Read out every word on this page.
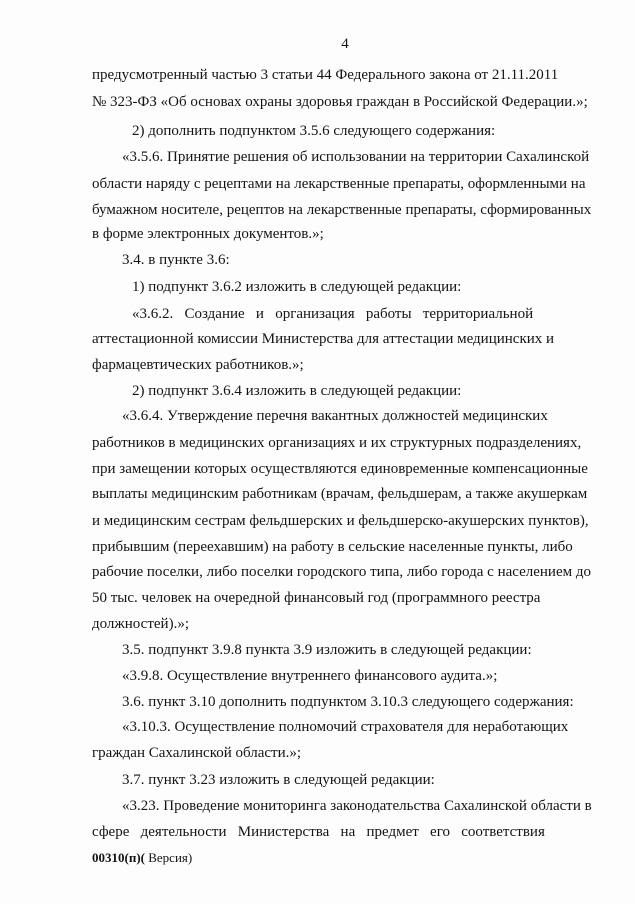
4
предусмотренный частью 3 статьи 44 Федерального закона от 21.11.2011
№ 323-ФЗ «Об основах охраны здоровья граждан в Российской Федерации.»;
2) дополнить подпунктом 3.5.6 следующего содержания:
«3.5.6. Принятие решения об использовании на территории Сахалинской
области наряду с рецептами на лекарственные препараты, оформленными на
бумажном носителе, рецептов на лекарственные препараты, сформированных
в форме электронных документов.»;
3.4. в пункте 3.6:
1) подпункт 3.6.2 изложить в следующей редакции:
«3.6.2.   Создание   и   организация   работы   территориальной
аттестационной комиссии Министерства для аттестации медицинских и
фармацевтических работников.»;
2) подпункт 3.6.4 изложить в следующей редакции:
«3.6.4. Утверждение перечня вакантных должностей медицинских
работников в медицинских организациях и их структурных подразделениях,
при замещении которых осуществляются единовременные компенсационные
выплаты медицинским работникам (врачам, фельдшерам, а также акушеркам
и медицинским сестрам фельдшерских и фельдшерско-акушерских пунктов),
прибывшим (переехавшим) на работу в сельские населенные пункты, либо
рабочие поселки, либо поселки городского типа, либо города с населением до
50 тыс. человек на очередной финансовый год (программного реестра
должностей).»;
3.5. подпункт 3.9.8 пункта 3.9 изложить в следующей редакции:
«3.9.8. Осуществление внутреннего финансового аудита.»;
3.6. пункт 3.10 дополнить подпунктом 3.10.3 следующего содержания:
«3.10.3. Осуществление полномочий страхователя для неработающих
граждан Сахалинской области.»;
3.7. пункт 3.23 изложить в следующей редакции:
«3.23. Проведение мониторинга законодательства Сахалинской области в
сфере   деятельности   Министерства   на   предмет   его   соответствия
00310(п)( Версия)
